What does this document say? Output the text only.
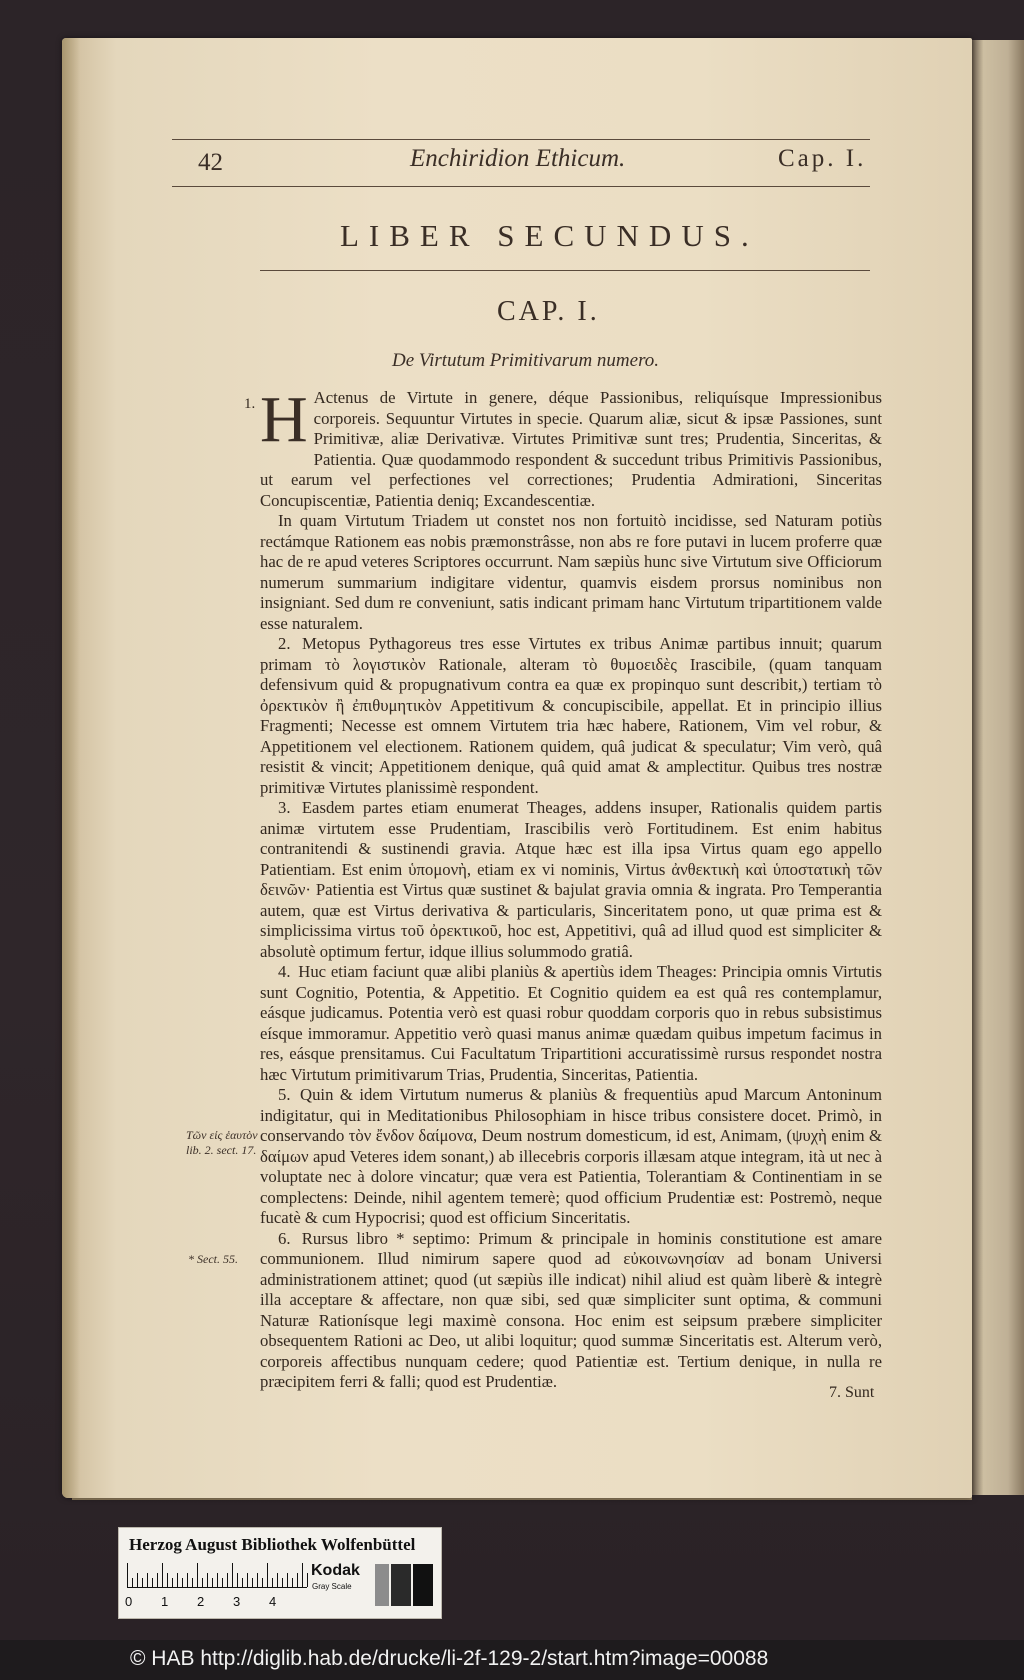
42	Enchiridion Ethicum.	Cap. I.
LIBER SECUNDUS.
CAP. I.
De Virtutum Primitivarum numero.

1. H Actenus de Virtute in genere, déque Passionibus, reliquísque Impressionibus corporeis. Sequuntur Virtutes in specie. Quarum aliæ, sicut & ipsæ Passiones, sunt Primitivæ, aliæ Derivativæ. Virtutes Primitivæ sunt tres; Prudentia, Sinceritas, & Patientia. Quæ quodammodo respondent & succedunt tribus Primitivis Passionibus, ut earum vel perfectiones vel correctiones; Prudentia Admirationi, Sinceritas Concupiscentiæ, Patientia deniq; Excandescentiæ.

In quam Virtutum Triadem ut constet nos non fortuitò incidisse, sed Naturam potiùs rectámque Rationem eas nobis præmonstrâsse, non abs re fore putavi in lucem proferre quæ hac de re apud veteres Scriptores occurrunt. Nam sæpiùs hunc sive Virtutum sive Officiorum numerum summarium indigitare videntur, quamvis eisdem prorsus nominibus non insigniant. Sed dum re conveniunt, satis indicant primam hanc Virtutum tripartitionem valde esse naturalem.

2. Metopus Pythagoreus tres esse Virtutes ex tribus Animæ partibus innuit; quarum primam τὸ λογιστικὸν Rationale, alteram τὸ θυμοειδὲς Irascibile, (quam tanquam defensivum quid & propugnativum contra ea quæ ex propinquo sunt describit,) tertiam τὸ ὀρεκτικὸν ἢ ἐπιθυμητικὸν Appetitivum & concupiscibile, appellat. Et in principio illius Fragmenti; Necesse est omnem Virtutem tria hæc habere, Rationem, Vim vel robur, & Appetitionem vel electionem. Rationem quidem, quâ judicat & speculatur; Vim verò, quâ resistit & vincit; Appetitionem denique, quâ quid amat & amplectitur. Quibus tres nostræ primitivæ Virtutes planissimè respondent.

3. Easdem partes etiam enumerat Theages, addens insuper, Rationalis quidem partis animæ virtutem esse Prudentiam, Irascibilis verò Fortitudinem. Est enim habitus contranitendi & sustinendi gravia. Atque hæc est illa ipsa Virtus quam ego appello Patientiam. Est enim ὑπομονὴ, etiam ex vi nominis, Virtus ἀνθεκτικὴ καὶ ὑποστατικὴ τῶν δεινῶν· Patientia est Virtus quæ sustinet & bajulat gravia omnia & ingrata. Pro Temperantia autem, quæ est Virtus derivativa & particularis, Sinceritatem pono, ut quæ prima est & simplicissima virtus τοῦ ὀρεκτικοῦ, hoc est, Appetitivi, quâ ad illud quod est simpliciter & absolutè optimum fertur, idque illius solummodo gratiâ.

4. Huc etiam faciunt quæ alibi planiùs & apertiùs idem Theages: Principia omnis Virtutis sunt Cognitio, Potentia, & Appetitio. Et Cognitio quidem ea est quâ res contemplamur, eásque judicamus. Potentia verò est quasi robur quoddam corporis quo in rebus subsistimus eísque immoramur. Appetitio verò quasi manus animæ quædam quibus impetum facimus in res, eásque prensitamus. Cui Facultatum Tripartitioni accuratissimè rursus respondet nostra hæc Virtutum primitivarum Trias, Prudentia, Sinceritas, Patientia.

5. Quin & idem Virtutum numerus & planiùs & frequentiùs apud Marcum Antoninum indigitatur, qui in Meditationibus Philosophiam in hisce tribus consistere docet. Primò, in conservando τὸν ἔνδον δαίμονα, Deum nostrum domesticum, id est, Animam, (ψυχὴ enim & δαίμων apud Veteres idem sonant,) ab illecebris corporis illæsam atque integram, ità ut nec à voluptate nec à dolore vincatur; quæ vera est Patientia, Tolerantiam & Continentiam in se complectens: Deinde, nihil agentem temerè; quod officium Prudentiæ est: Postremò, neque fucatè & cum Hypocrisi; quod est officium Sinceritatis.

6. Rursus libro * septimo: Primum & principale in hominis constitutione est amare communionem. Illud nimirum sapere quod ad εὐκοινωνησίαν ad bonam Universi administrationem attinet; quod (ut sæpiùs ille indicat) nihil aliud est quàm liberè & integrè illa acceptare & affectare, non quæ sibi, sed quæ simpliciter sunt optima, & communi Naturæ Rationísque legi maximè consona. Hoc enim est seipsum præbere simpliciter obsequentem Rationi ac Deo, ut alibi loquitur; quod summæ Sinceritatis est. Alterum verò, corporeis affectibus nunquam cedere; quod Patientiæ est. Tertium denique, in nulla re præcipitem ferri & falli; quod est Prudentiæ.

Τῶν εἰς ἑαυτὸν
lib. 2. sect. 17.
* Sect. 55.
7. Sunt
Herzog August Bibliothek Wolfenbüttel
0 1 2 3 4
Kodak
Gray Scale
© HAB http://diglib.hab.de/drucke/li-2f-129-2/start.htm?image=00088
